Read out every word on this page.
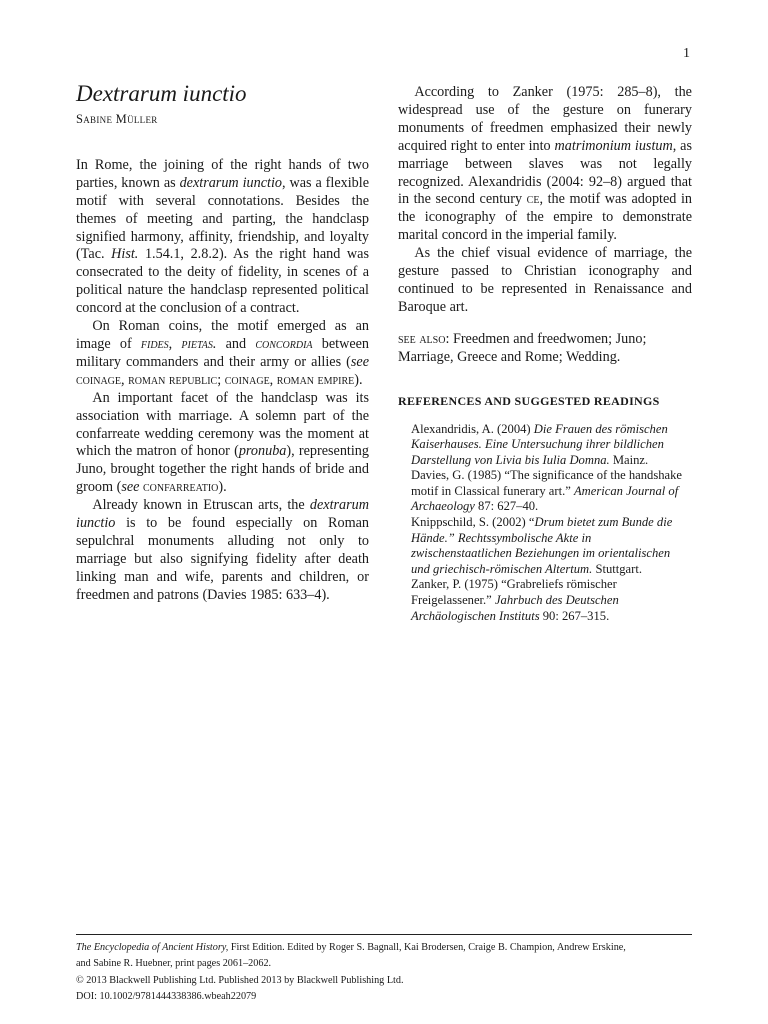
1
Dextrarum iunctio
Sabine Müller

In Rome, the joining of the right hands of two parties, known as dextrarum iunctio, was a flexible motif with several connotations. Besides the themes of meeting and parting, the handclasp signified harmony, affinity, friendship, and loyalty (Tac. Hist. 1.54.1, 2.8.2). As the right hand was consecrated to the deity of fidelity, in scenes of a political nature the handclasp represented political concord at the conclusion of a contract.

On Roman coins, the motif emerged as an image of fides, pietas. and concordia between military commanders and their army or allies (see coinage, roman republic; coinage, roman empire).

An important facet of the handclasp was its association with marriage. A solemn part of the confarreate wedding ceremony was the moment at which the matron of honor (pronuba), representing Juno, brought together the right hands of bride and groom (see confarreatio).

Already known in Etruscan arts, the dextrarum iunctio is to be found especially on Roman sepulchral monuments alluding not only to marriage but also signifying fidelity after death linking man and wife, parents and children, or freedmen and patrons (Davies 1985: 633–4).

According to Zanker (1975: 285–8), the widespread use of the gesture on funerary monuments of freedmen emphasized their newly acquired right to enter into matrimonium iustum, as marriage between slaves was not legally recognized. Alexandridis (2004: 92–8) argued that in the second century ce, the motif was adopted in the iconography of the empire to demonstrate marital concord in the imperial family.

As the chief visual evidence of marriage, the gesture passed to Christian iconography and continued to be represented in Renaissance and Baroque art.

see also: Freedmen and freedwomen; Juno; Marriage, Greece and Rome; Wedding.

REFERENCES AND SUGGESTED READINGS

Alexandridis, A. (2004) Die Frauen des römischen Kaiserhauses. Eine Untersuchung ihrer bildlichen Darstellung von Livia bis Iulia Domna. Mainz.

Davies, G. (1985) “The significance of the handshake motif in Classical funerary art.” American Journal of Archaeology 87: 627–40.

Knippschild, S. (2002) “Drum bietet zum Bunde die Hände.” Rechtssymbolische Akte in zwischenstaatlichen Beziehungen im orientalischen und griechisch-römischen Altertum. Stuttgart.

Zanker, P. (1975) “Grabreliefs römischer Freigelassener.” Jahrbuch des Deutschen Archäologischen Instituts 90: 267–315.

The Encyclopedia of Ancient History, First Edition. Edited by Roger S. Bagnall, Kai Brodersen, Craige B. Champion, Andrew Erskine,
and Sabine R. Huebner, print pages 2061–2062.
© 2013 Blackwell Publishing Ltd. Published 2013 by Blackwell Publishing Ltd.
DOI: 10.1002/9781444338386.wbeah22079
